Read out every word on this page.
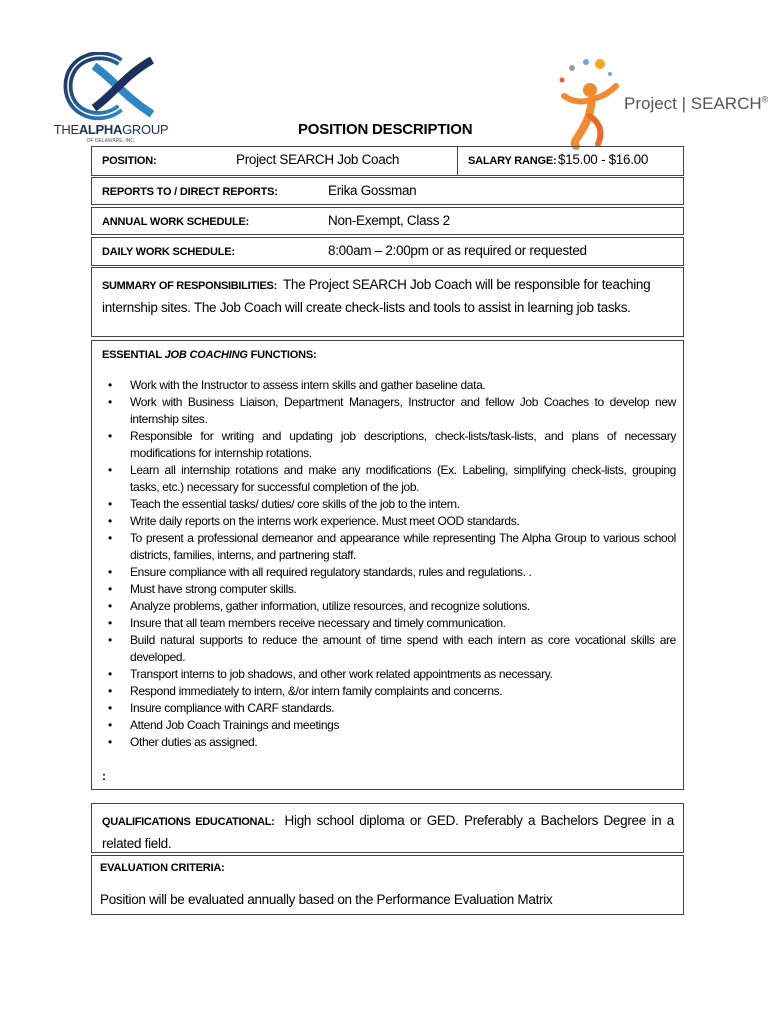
THEALPHAGROUP
OF DELAWARE, INC.
Project | SEARCH®
POSITION DESCRIPTION
POSITION:	Project SEARCH Job Coach	SALARY RANGE: $15.00 - $16.00
REPORTS TO / DIRECT REPORTS:	Erika Gossman
ANNUAL WORK SCHEDULE:	Non-Exempt, Class 2
DAILY WORK SCHEDULE:	8:00am – 2:00pm or as required or requested
SUMMARY OF RESPONSIBILITIES: The Project SEARCH Job Coach will be responsible for teaching internship sites. The Job Coach will create check-lists and tools to assist in learning job tasks.
ESSENTIAL JOB COACHING FUNCTIONS:
• Work with the Instructor to assess intern skills and gather baseline data.
• Work with Business Liaison, Department Managers, Instructor and fellow Job Coaches to develop new internship sites.
• Responsible for writing and updating job descriptions, check-lists/task-lists, and plans of necessary modifications for internship rotations.
• Learn all internship rotations and make any modifications (Ex. Labeling, simplifying check-lists, grouping tasks, etc.) necessary for successful completion of the job.
• Teach the essential tasks/ duties/ core skills of the job to the intern.
• Write daily reports on the interns work experience. Must meet OOD standards.
• To present a professional demeanor and appearance while representing The Alpha Group to various school districts, families, interns, and partnering staff.
• Ensure compliance with all required regulatory standards, rules and regulations. .
• Must have strong computer skills.
• Analyze problems, gather information, utilize resources, and recognize solutions.
• Insure that all team members receive necessary and timely communication.
• Build natural supports to reduce the amount of time spend with each intern as core vocational skills are developed.
• Transport interns to job shadows, and other work related appointments as necessary.
• Respond immediately to intern, &/or intern family complaints and concerns.
• Insure compliance with CARF standards.
• Attend Job Coach Trainings and meetings
• Other duties as assigned.
:
QUALIFICATIONS EDUCATIONAL: High school diploma or GED. Preferably a Bachelors Degree in a related field.
EVALUATION CRITERIA:
Position will be evaluated annually based on the Performance Evaluation Matrix
